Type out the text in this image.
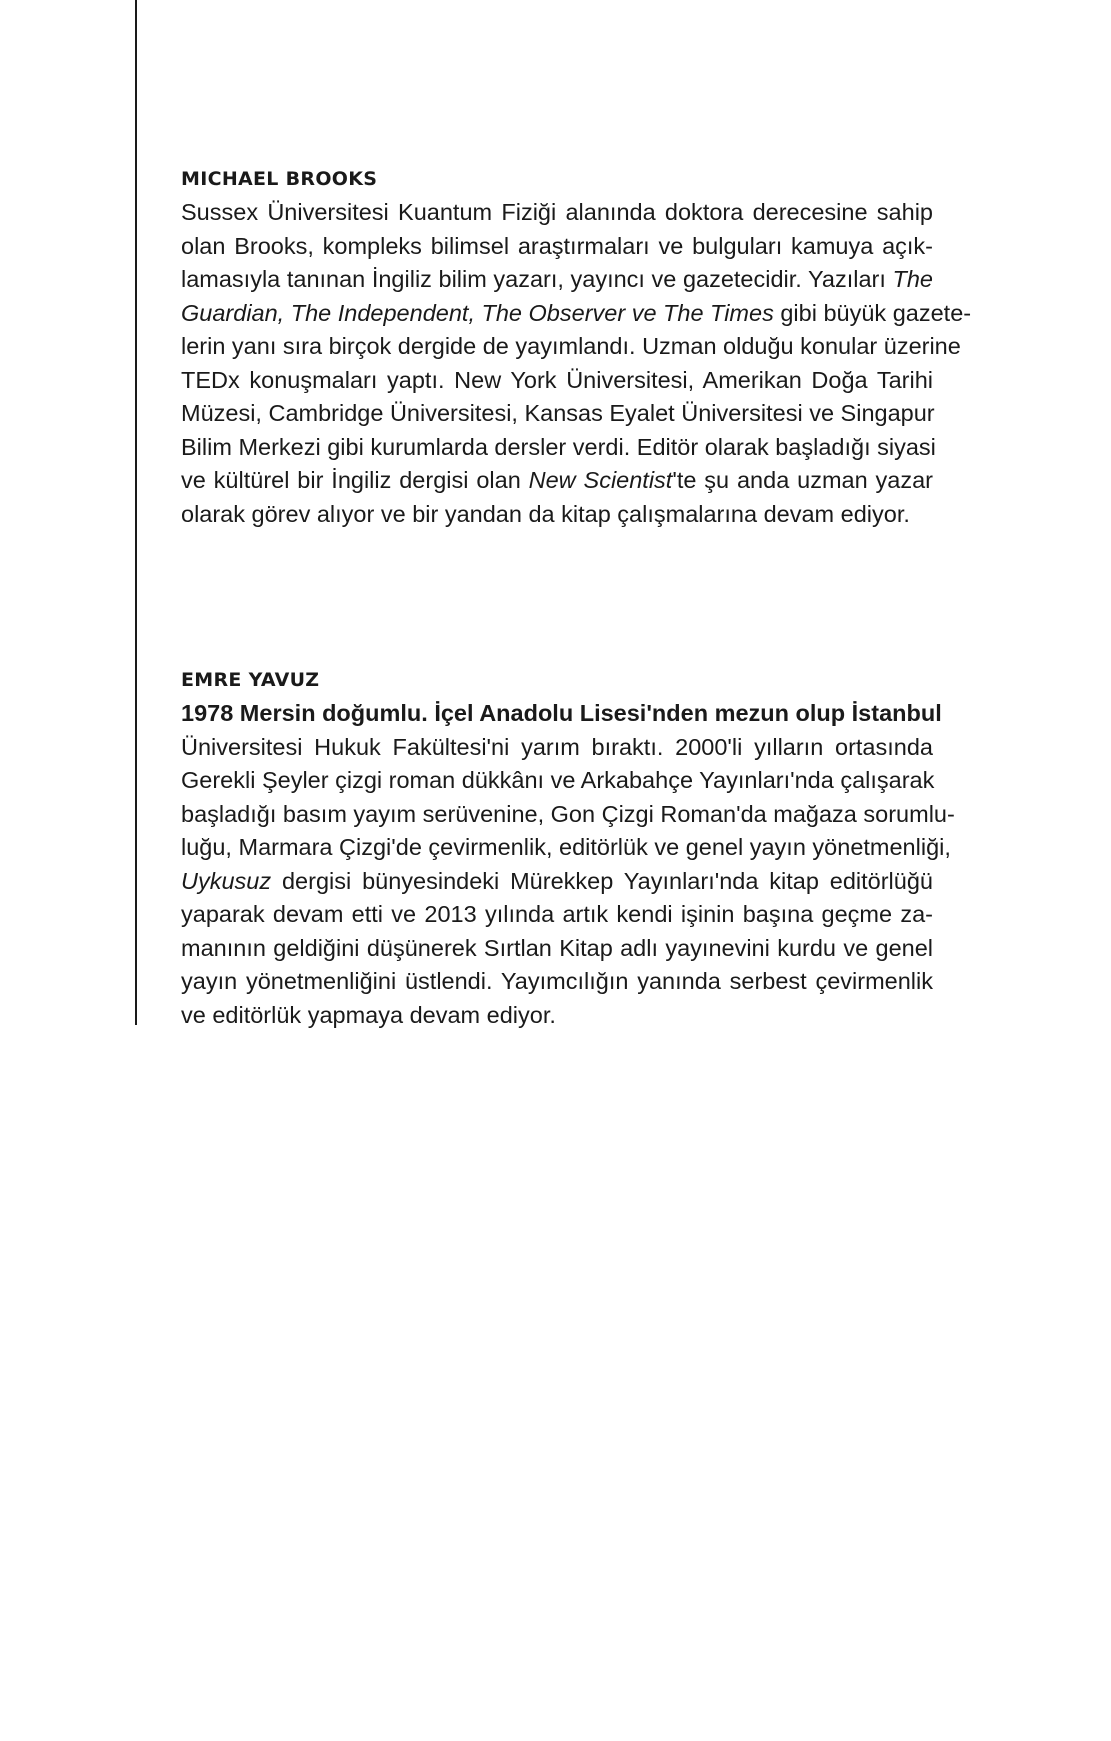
MICHAEL BROOKS

Sussex Üniversitesi Kuantum Fiziği alanında doktora derecesine sahip

olan Brooks, kompleks bilimsel araştırmaları ve bulguları kamuya açık-

lamasıyla tanınan İngiliz bilim yazarı, yayıncı ve gazetecidir. Yazıları The

Guardian, The Independent, The Observer ve The Times gibi büyük gazete-

lerin yanı sıra birçok dergide de yayımlandı. Uzman olduğu konular üzerine

TEDx konuşmaları yaptı. New York Üniversitesi, Amerikan Doğa Tarihi

Müzesi, Cambridge Üniversitesi, Kansas Eyalet Üniversitesi ve Singapur

Bilim Merkezi gibi kurumlarda dersler verdi. Editör olarak başladığı siyasi

ve kültürel bir İngiliz dergisi olan New Scientist'te şu anda uzman yazar

olarak görev alıyor ve bir yandan da kitap çalışmalarına devam ediyor.

EMRE YAVUZ

1978 Mersin doğumlu. İçel Anadolu Lisesi'nden mezun olup İstanbul

Üniversitesi Hukuk Fakültesi'ni yarım bıraktı. 2000'li yılların ortasında

Gerekli Şeyler çizgi roman dükkânı ve Arkabahçe Yayınları'nda çalışarak

başladığı basım yayım serüvenine, Gon Çizgi Roman'da mağaza sorumlu-

luğu, Marmara Çizgi'de çevirmenlik, editörlük ve genel yayın yönetmenliği,

Uykusuz dergisi bünyesindeki Mürekkep Yayınları'nda kitap editörlüğü

yaparak devam etti ve 2013 yılında artık kendi işinin başına geçme za-

manının geldiğini düşünerek Sırtlan Kitap adlı yayınevini kurdu ve genel

yayın yönetmenliğini üstlendi. Yayımcılığın yanında serbest çevirmenlik

ve editörlük yapmaya devam ediyor.
